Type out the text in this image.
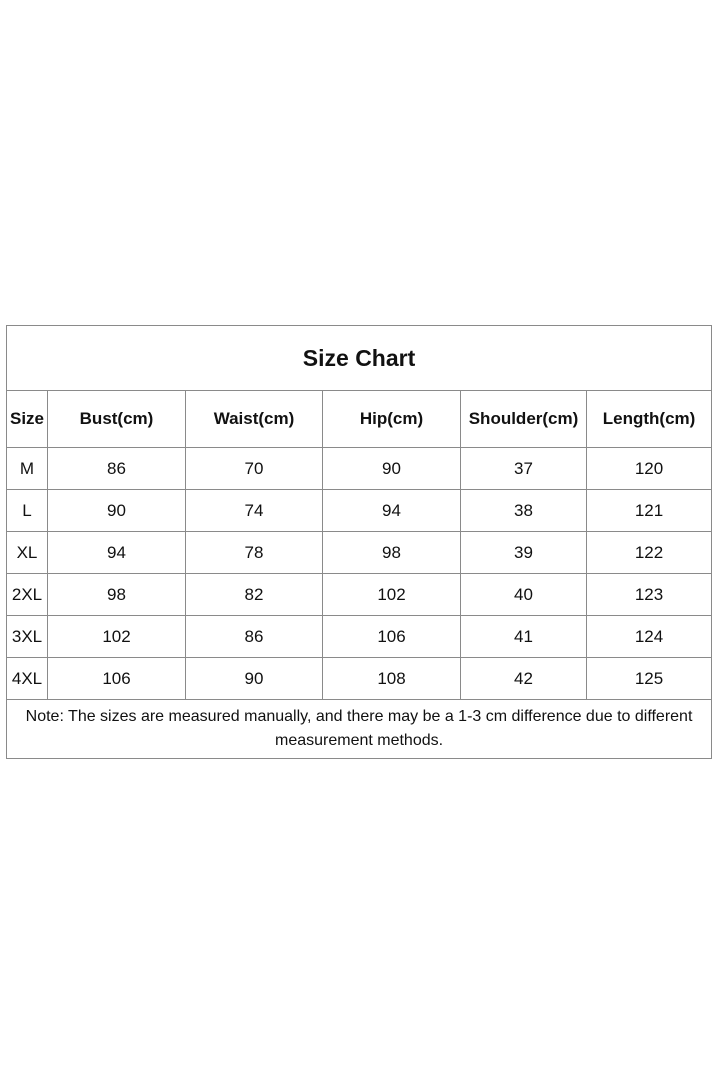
Size Chart					
Size	Bust(cm)	Waist(cm)	Hip(cm)	Shoulder(cm)	Length(cm)
M	86	70	90	37	120
L	90	74	94	38	121
XL	94	78	98	39	122
2XL	98	82	102	40	123
3XL	102	86	106	41	124
4XL	106	90	108	42	125
Note: The sizes are measured manually, and there may be a 1-3 cm difference due to different measurement methods.					
